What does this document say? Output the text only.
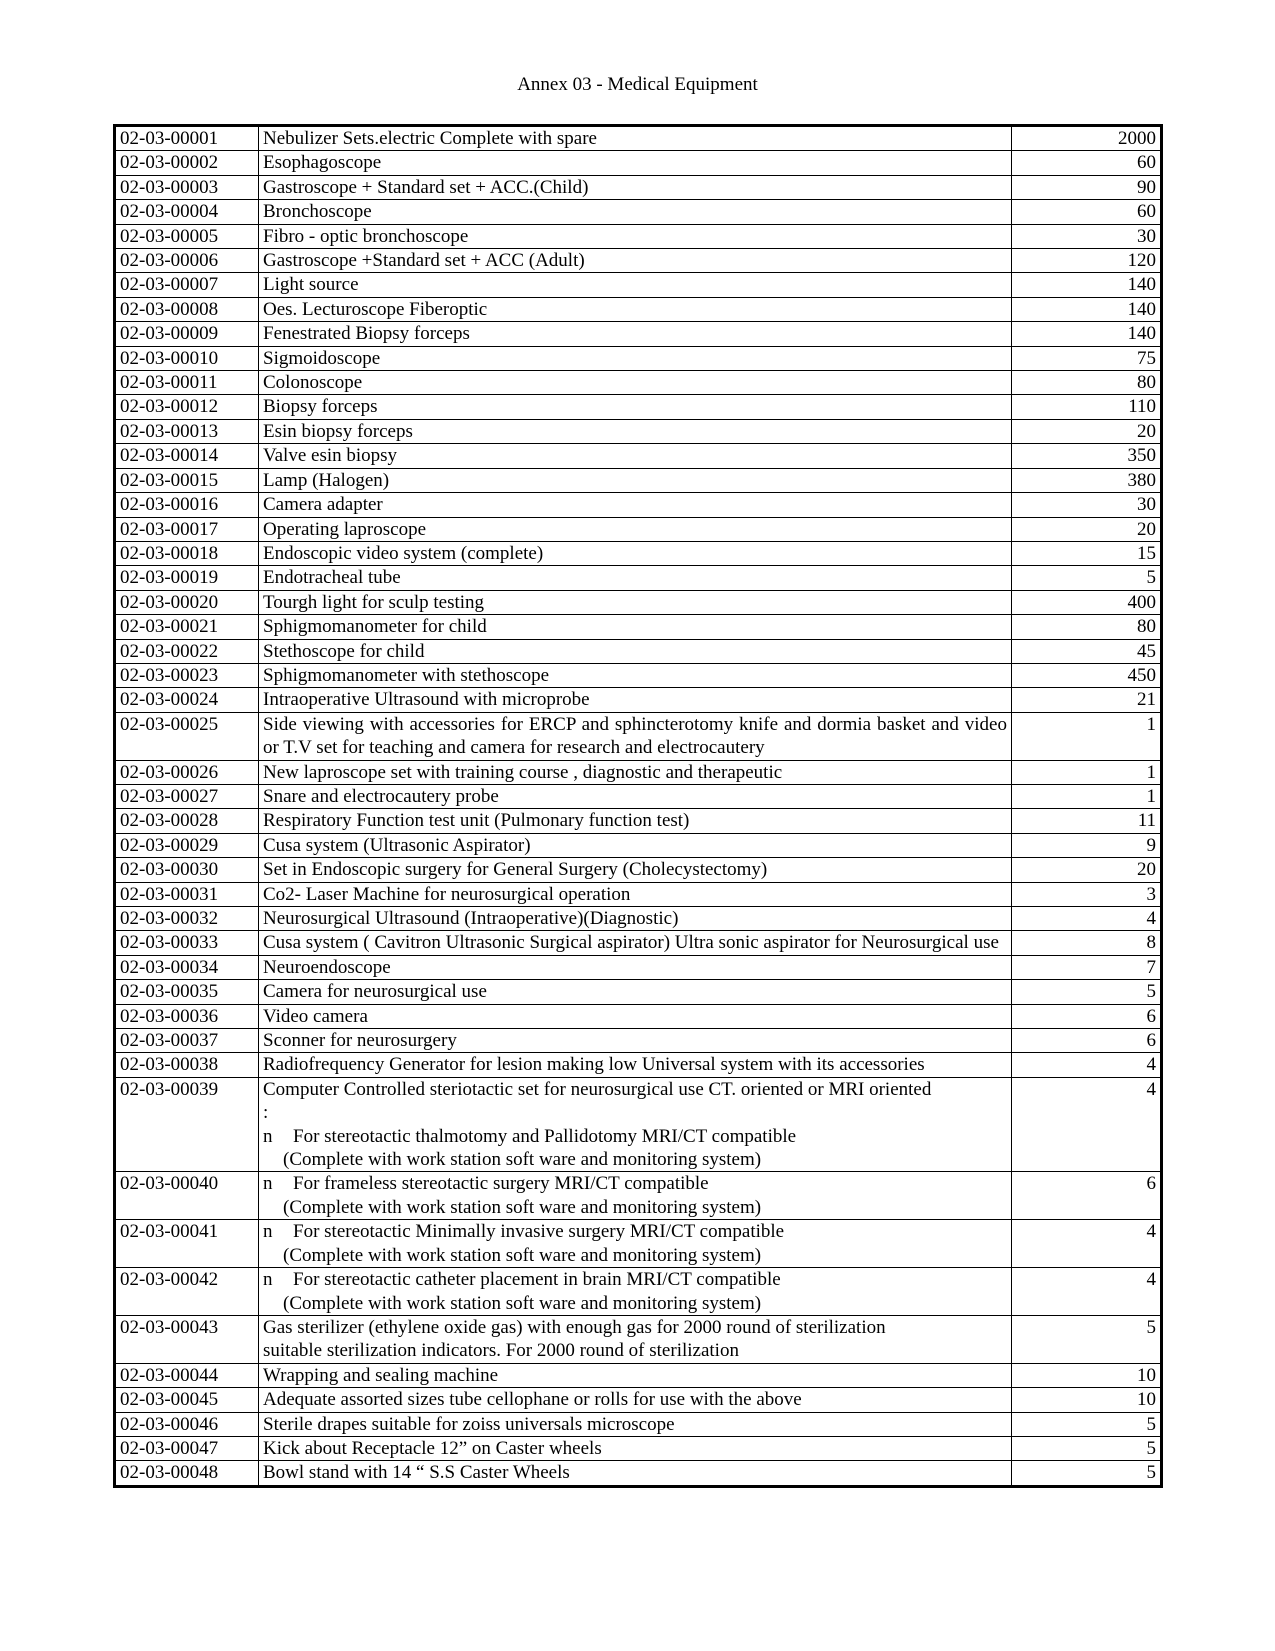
Annex 03 - Medical Equipment
02-03-00001	Nebulizer Sets.electric Complete with spare	2000
02-03-00002	Esophagoscope	60
02-03-00003	Gastroscope + Standard set + ACC.(Child)	90
02-03-00004	Bronchoscope	60
02-03-00005	Fibro - optic bronchoscope	30
02-03-00006	Gastroscope +Standard set + ACC (Adult)	120
02-03-00007	Light source	140
02-03-00008	Oes. Lecturoscope Fiberoptic	140
02-03-00009	Fenestrated Biopsy forceps	140
02-03-00010	Sigmoidoscope	75
02-03-00011	Colonoscope	80
02-03-00012	Biopsy forceps	110
02-03-00013	Esin biopsy forceps	20
02-03-00014	Valve esin biopsy	350
02-03-00015	Lamp (Halogen)	380
02-03-00016	Camera adapter	30
02-03-00017	Operating laproscope	20
02-03-00018	Endoscopic video system (complete)	15
02-03-00019	Endotracheal tube	5
02-03-00020	Tourgh light for sculp testing	400
02-03-00021	Sphigmomanometer for child	80
02-03-00022	Stethoscope for child	45
02-03-00023	Sphigmomanometer with stethoscope	450
02-03-00024	Intraoperative Ultrasound with microprobe	21
02-03-00025	Side viewing with accessories for ERCP and sphincterotomy knife and dormia basket and video or T.V set for teaching and camera for research and electrocautery	1
02-03-00026	New laproscope set with training course , diagnostic and therapeutic	1
02-03-00027	Snare and electrocautery probe	1
02-03-00028	Respiratory Function test unit (Pulmonary function test)	11
02-03-00029	Cusa system (Ultrasonic Aspirator)	9
02-03-00030	Set in Endoscopic surgery for General Surgery (Cholecystectomy)	20
02-03-00031	Co2- Laser Machine for neurosurgical operation	3
02-03-00032	Neurosurgical Ultrasound (Intraoperative)(Diagnostic)	4
02-03-00033	Cusa system ( Cavitron Ultrasonic Surgical aspirator) Ultra sonic aspirator for Neurosurgical use	8
02-03-00034	Neuroendoscope	7
02-03-00035	Camera for neurosurgical use	5
02-03-00036	Video camera	6
02-03-00037	Sconner for neurosurgery	6
02-03-00038	Radiofrequency Generator for lesion making low Universal system with its accessories	4
02-03-00039	Computer Controlled steriotactic set for neurosurgical use CT. oriented or MRI oriented
:
n For stereotactic thalmotomy and Pallidotomy MRI/CT compatible
(Complete with work station soft ware and monitoring system)	4
02-03-00040	n For frameless stereotactic surgery MRI/CT compatible
(Complete with work station soft ware and monitoring system)	6
02-03-00041	n For stereotactic Minimally invasive surgery MRI/CT compatible
(Complete with work station soft ware and monitoring system)	4
02-03-00042	n For stereotactic catheter placement in brain MRI/CT compatible
(Complete with work station soft ware and monitoring system)	4
02-03-00043	Gas sterilizer (ethylene oxide gas) with enough gas for 2000 round of sterilization
suitable sterilization indicators. For 2000 round of sterilization	5
02-03-00044	Wrapping and sealing machine	10
02-03-00045	Adequate assorted sizes tube cellophane or rolls for use with the above	10
02-03-00046	Sterile drapes suitable for zoiss universals microscope	5
02-03-00047	Kick about Receptacle 12” on Caster wheels	5
02-03-00048	Bowl stand with 14 “ S.S Caster Wheels	5
